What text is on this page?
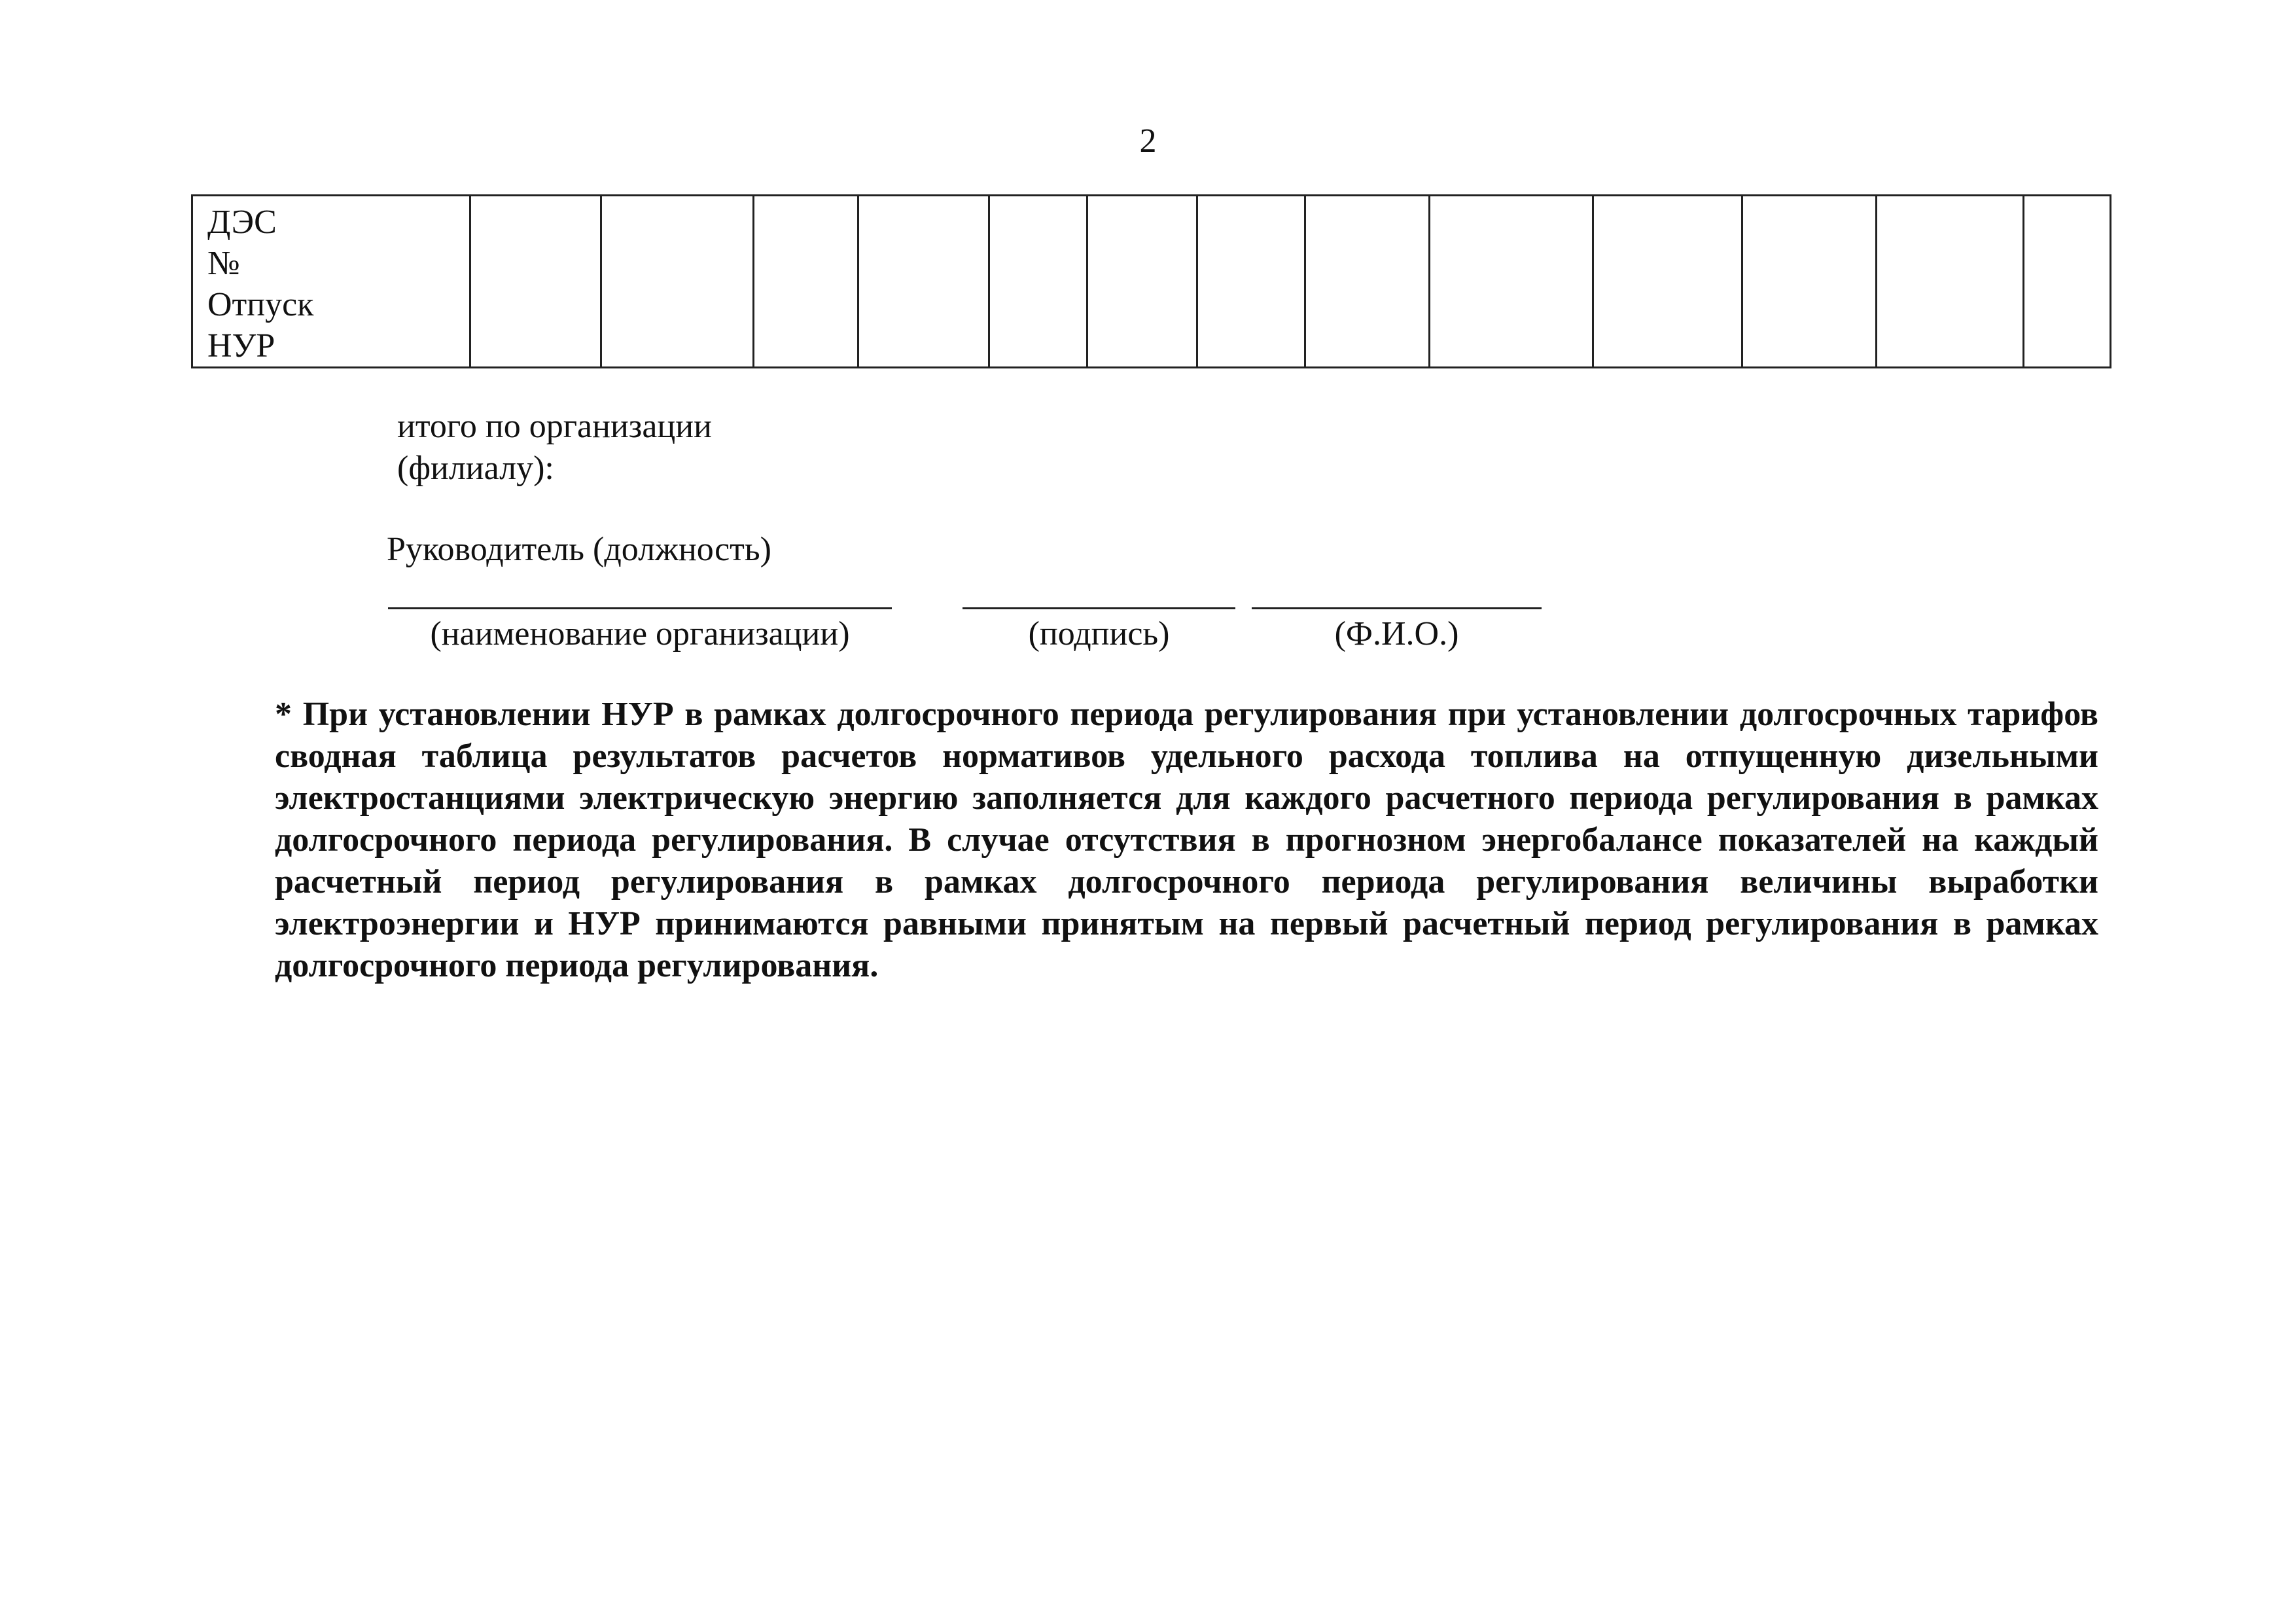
2
ДЭС
№
Отпуск
НУР

итого по организации
(филиалу):
Руководитель (должность)
(наименование организации)	(подпись)	(Ф.И.О.)
* При установлении НУР в рамках долгосрочного периода регулирования при установлении долгосрочных тарифов сводная таблица результатов расчетов нормативов удельного расхода топлива на отпущенную дизельными электростанциями электрическую энергию заполняется для каждого расчетного периода регулирования в рамках долгосрочного периода регулирования. В случае отсутствия в прогнозном энергобалансе показателей на каждый расчетный период регулирования в рамках долгосрочного периода регулирования величины выработки электроэнергии и НУР принимаются равными принятым на первый расчетный период регулирования в рамках долгосрочного периода регулирования.
